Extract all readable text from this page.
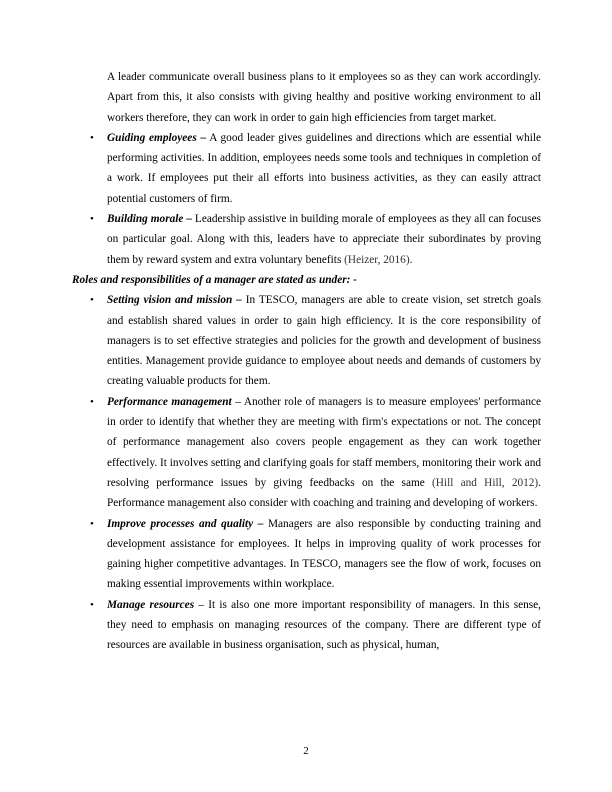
A leader communicate overall business plans to it employees so as they can work accordingly. Apart from this, it also consists with giving healthy and positive working environment to all workers therefore, they can work in order to gain high efficiencies from target market.

• Guiding employees – A good leader gives guidelines and directions which are essential while performing activities. In addition, employees needs some tools and techniques in completion of a work. If employees put their all efforts into business activities, as they can easily attract potential customers of firm.
• Building morale – Leadership assistive in building morale of employees as they all can focuses on particular goal. Along with this, leaders have to appreciate their subordinates by proving them by reward system and extra voluntary benefits (Heizer, 2016).

Roles and responsibilities of a manager are stated as under: -

• Setting vision and mission – In TESCO, managers are able to create vision, set stretch goals and establish shared values in order to gain high efficiency. It is the core responsibility of managers is to set effective strategies and policies for the growth and development of business entities. Management provide guidance to employee about needs and demands of customers by creating valuable products for them.
• Performance management – Another role of managers is to measure employees' performance in order to identify that whether they are meeting with firm's expectations or not. The concept of performance management also covers people engagement as they can work together effectively. It involves setting and clarifying goals for staff members, monitoring their work and resolving performance issues by giving feedbacks on the same (Hill and Hill, 2012). Performance management also consider with coaching and training and developing of workers.
• Improve processes and quality – Managers are also responsible by conducting training and development assistance for employees. It helps in improving quality of work processes for gaining higher competitive advantages. In TESCO, managers see the flow of work, focuses on making essential improvements within workplace.
• Manage resources – It is also one more important responsibility of managers. In this sense, they need to emphasis on managing resources of the company. There are different type of resources are available in business organisation, such as physical, human,
2
